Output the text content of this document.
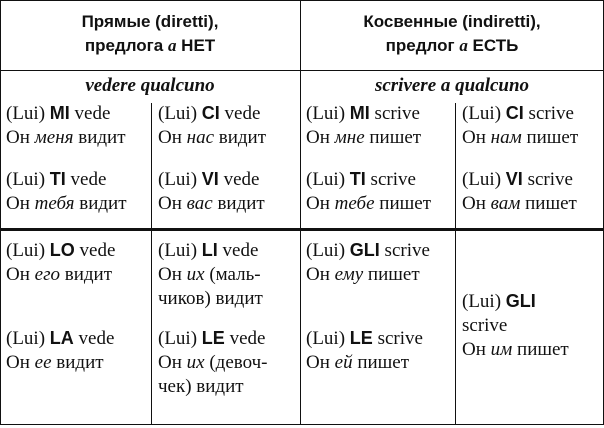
Прямые (diretti),
предлога a НЕТ
Косвенные (indiretti),
предлог a ЕСТЬ
vedere qualcuno	scrivere a qualcuno
(Lui) MI vede
Он меня видит
(Lui) CI vede
Он нас видит
(Lui) TI vede
Он тебя видит
(Lui) VI vede
Он вас видит
(Lui) MI scrive
Он мне пишет
(Lui) CI scrive
Он нам пишет
(Lui) TI scrive
Он тебе пишет
(Lui) VI scrive
Он вам пишет
(Lui) LO vede
Он его видит
(Lui) LA vede
Он ее видит
(Lui) LI vede
Он их (маль-
чиков) видит
(Lui) LE vede
Он их (девоч-
чек) видит
(Lui) GLI scrive
Он ему пишет
(Lui) LE scrive
Он ей пишет
(Lui) GLI
scrive
Он им пишет
